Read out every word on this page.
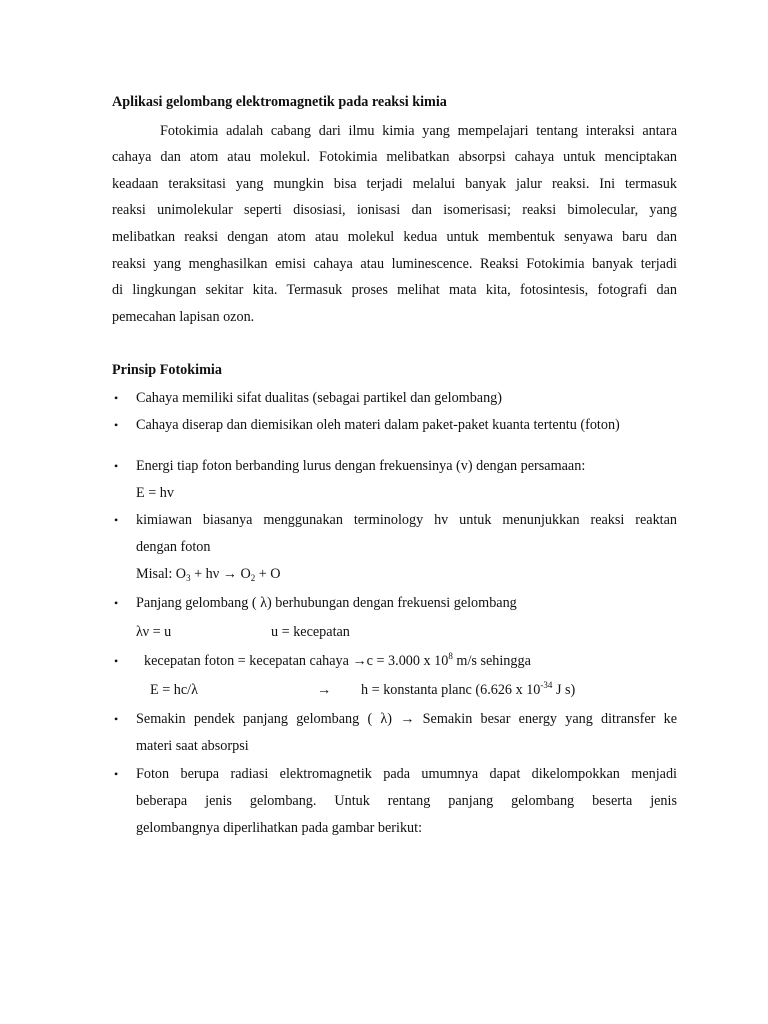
Aplikasi gelombang elektromagnetik pada reaksi kimia
Fotokimia adalah cabang dari ilmu kimia yang mempelajari tentang interaksi antara
cahaya dan atom atau molekul. Fotokimia melibatkan absorpsi cahaya untuk menciptakan
keadaan teraksitasi yang mungkin bisa terjadi melalui banyak jalur reaksi. Ini termasuk
reaksi unimolekular seperti disosiasi, ionisasi dan isomerisasi; reaksi bimolecular, yang
melibatkan reaksi dengan atom atau molekul kedua untuk membentuk senyawa baru dan
reaksi yang menghasilkan emisi cahaya atau luminescence. Reaksi Fotokimia banyak terjadi
di lingkungan sekitar kita. Termasuk proses melihat mata kita, fotosintesis, fotografi dan
pemecahan lapisan ozon.
Prinsip Fotokimia
• Cahaya memiliki sifat dualitas (sebagai partikel dan gelombang)
• Cahaya diserap dan diemisikan oleh materi dalam paket-paket kuanta tertentu (foton)
• Energi tiap foton berbanding lurus dengan frekuensinya (v) dengan persamaan:
E = hv
• kimiawan biasanya menggunakan terminology hv untuk menunjukkan reaksi reaktan
dengan foton
Misal: $O_3 + h\nu \to O_2 + O$
• Panjang gelombang ( λ) berhubungan dengan frekuensi gelombang
λν = u	u = kecepatan
• kecepatan foton = kecepatan cahaya →c = 3.000 x $10^8$ m/s sehingga
E = hc/λ	→ h = konstanta planc (6.626 x $10^{-34}$ J s)
• Semakin pendek panjang gelombang ( λ) → Semakin besar energy yang ditransfer ke
materi saat absorpsi
• Foton berupa radiasi elektromagnetik pada umumnya dapat dikelompokkan menjadi
beberapa jenis gelombang. Untuk rentang panjang gelombang beserta jenis
gelombangnya diperlihatkan pada gambar berikut:
